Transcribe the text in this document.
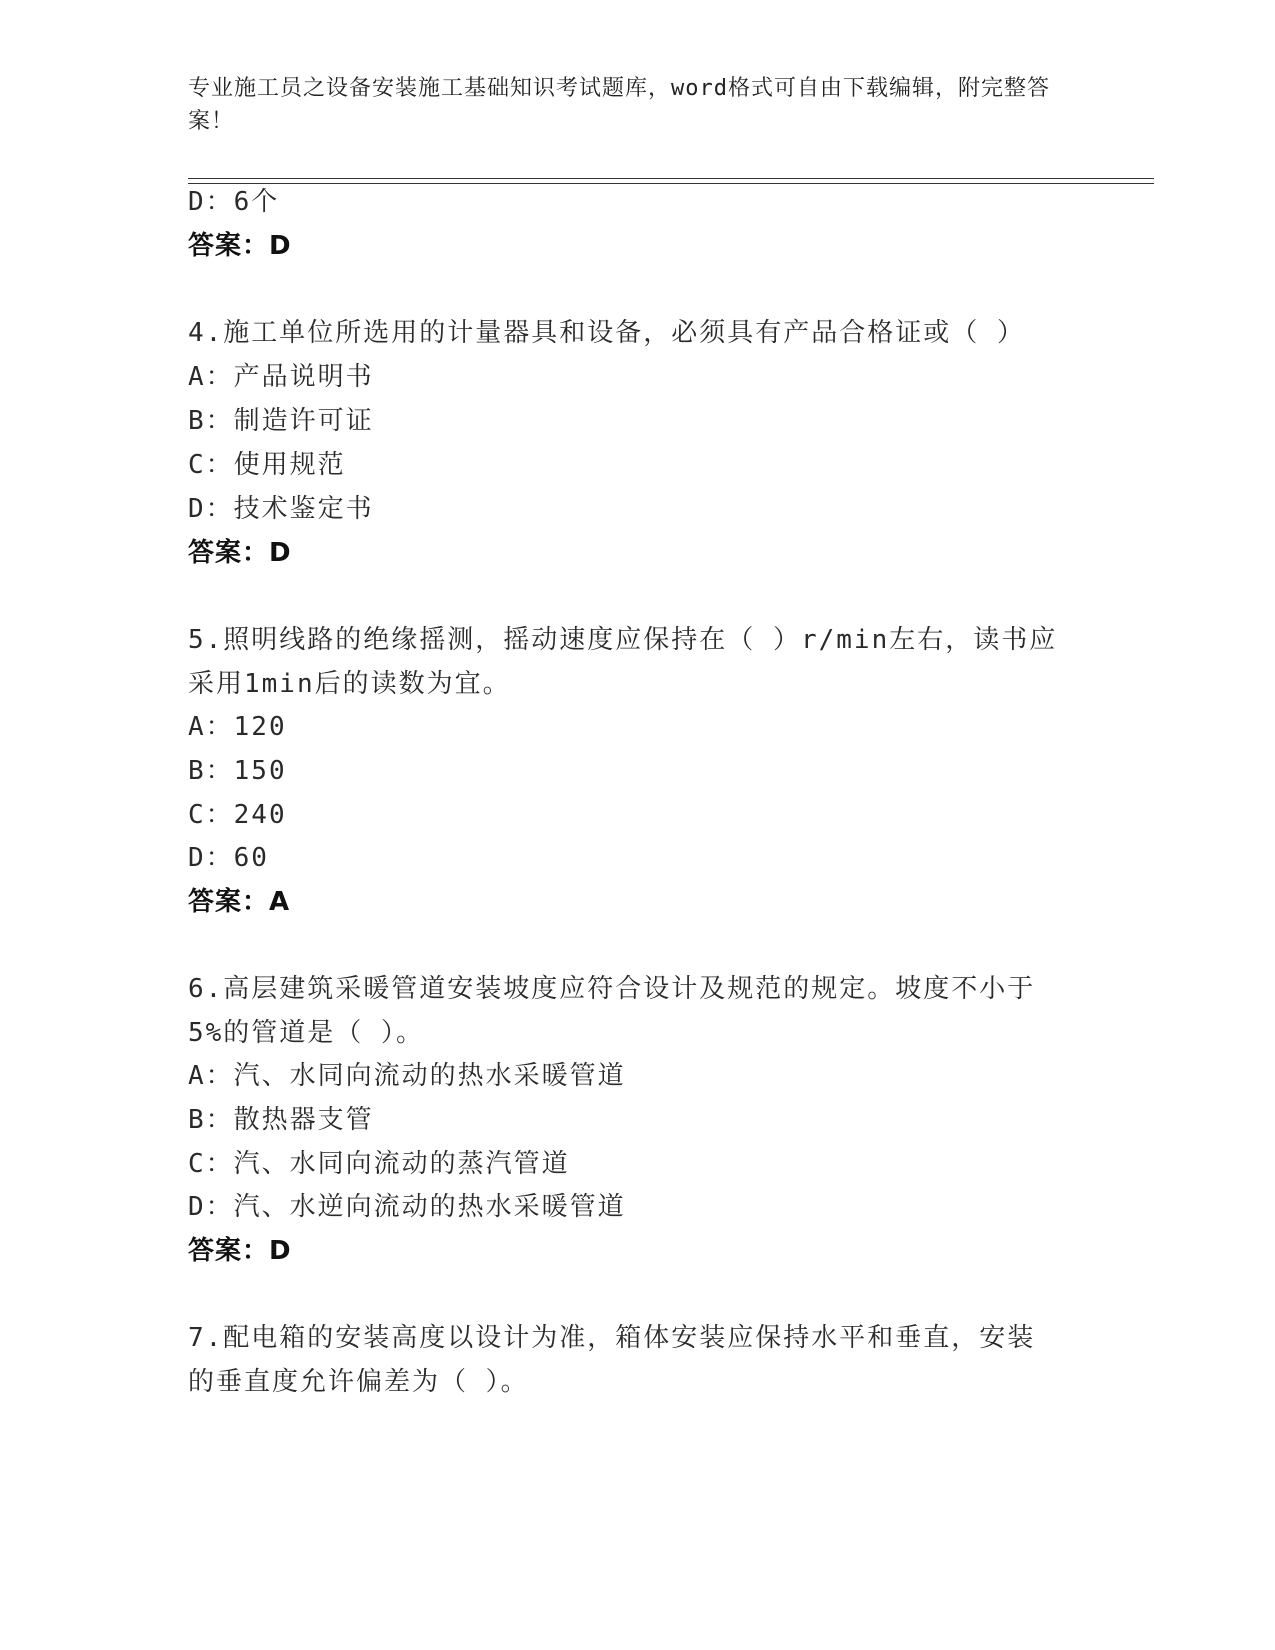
专业施工员之设备安装施工基础知识考试题库，word格式可自由下载编辑，附完整答案！
D：6个
答案：D
4.施工单位所选用的计量器具和设备，必须具有产品合格证或（ ）
A：产品说明书
B：制造许可证
C：使用规范
D：技术鉴定书
答案：D
5.照明线路的绝缘摇测，摇动速度应保持在（ ）r/min左右，读书应
采用1min后的读数为宜。
A：120
B：150
C：240
D：60
答案：A
6.高层建筑采暖管道安装坡度应符合设计及规范的规定。坡度不小于
5%的管道是（ ）。
A：汽、水同向流动的热水采暖管道
B：散热器支管
C：汽、水同向流动的蒸汽管道
D：汽、水逆向流动的热水采暖管道
答案：D
7.配电箱的安装高度以设计为准，箱体安装应保持水平和垂直，安装
的垂直度允许偏差为（ ）。
